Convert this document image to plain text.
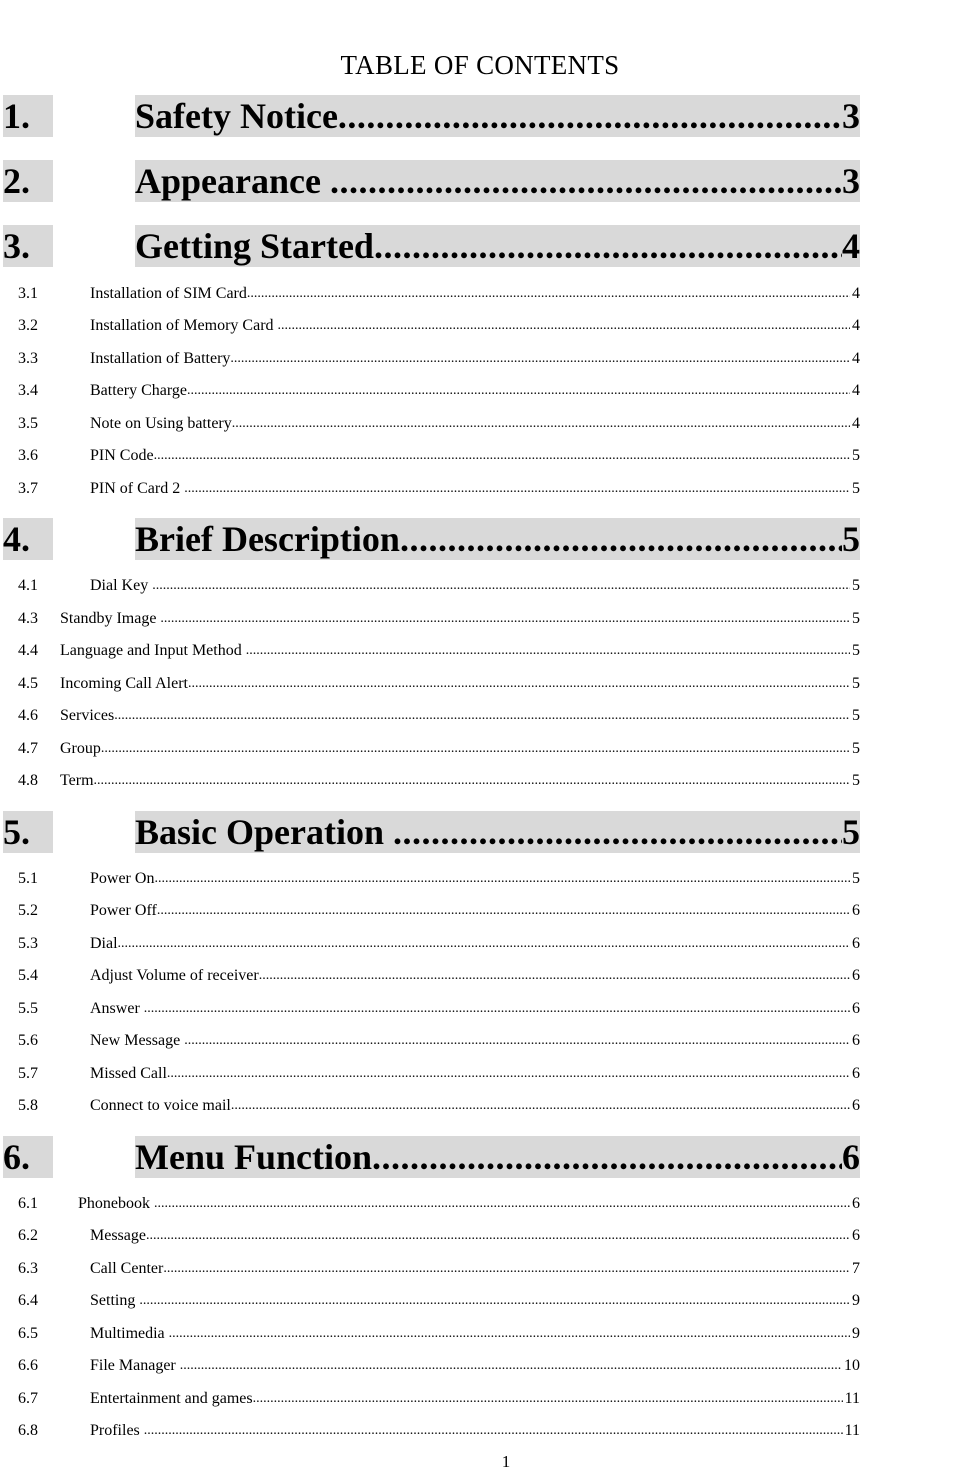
TABLE OF CONTENTS
1.	Safety Notice .....	3
2.	Appearance .....	3
3.	Getting Started .....	4
3.1	Installation of SIM Card .....	4
3.2	Installation of Memory Card .....	4
3.3	Installation of Battery .....	4
3.4	Battery Charge .....	4
3.5	Note on Using battery .....	4
3.6	PIN Code .....	5
3.7	PIN of Card 2 .....	5
4.	Brief Description .....	5
4.1	Dial Key .....	5
4.3 Standby Image .....	5
4.4 Language and Input Method .....	5
4.5 Incoming Call Alert .....	5
4.6 Services .....	5
4.7 Group .....	5
4.8 Term .....	5
5.	Basic Operation .....	5
5.1	Power On .....	5
5.2	Power Off .....	6
5.3	Dial .....	6
5.4	Adjust Volume of receiver .....	6
5.5	Answer .....	6
5.6	New Message .....	6
5.7	Missed Call .....	6
5.8	Connect to voice mail .....	6
6.	Menu Function .....	6
6.1	Phonebook .....	6
6.2	Message .....	6
6.3	Call Center .....	7
6.4	Setting .....	9
6.5	Multimedia .....	9
6.6	File Manager .....	10
6.7	Entertainment and games .....	11
6.8	Profiles .....	11
1
